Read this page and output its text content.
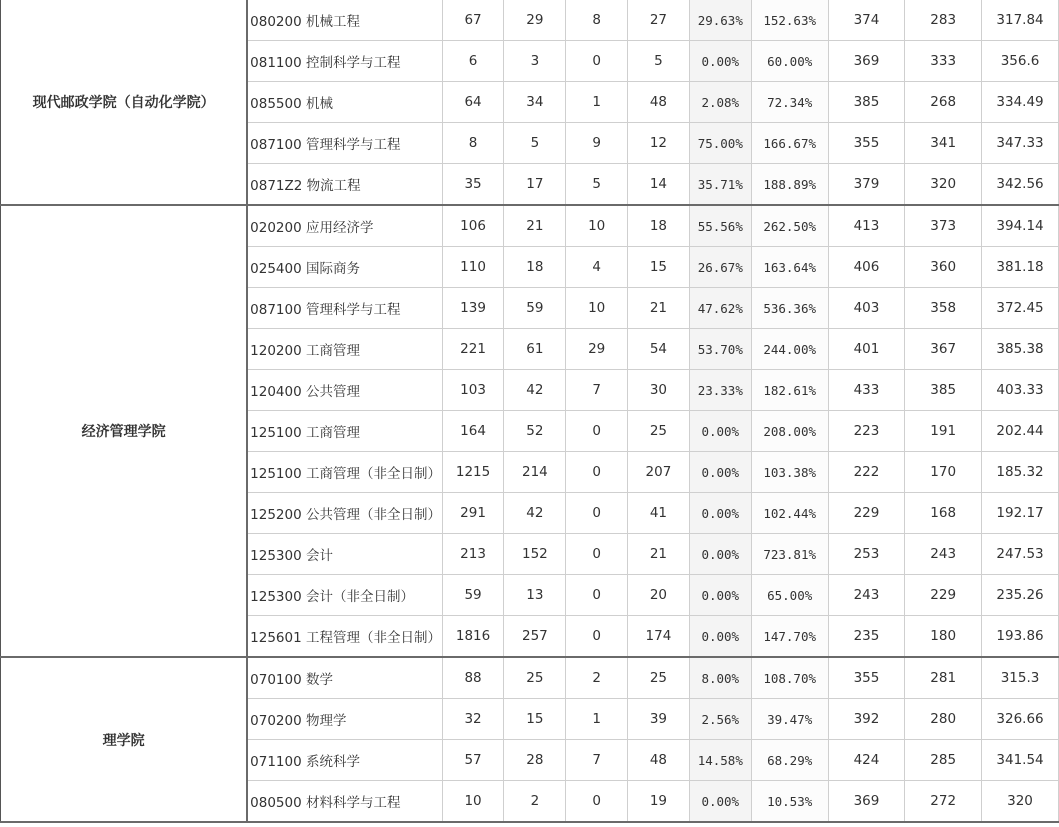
现代邮政学院（自动化学院）	080200 机械工程	67	29	8	27	29.63%	152.63%	374	283	317.84
	081100 控制科学与工程	6	3	0	5	0.00%	60.00%	369	333	356.6
	085500 机械	64	34	1	48	2.08%	72.34%	385	268	334.49
	087100 管理科学与工程	8	5	9	12	75.00%	166.67%	355	341	347.33
	0871Z2 物流工程	35	17	5	14	35.71%	188.89%	379	320	342.56
经济管理学院	020200 应用经济学	106	21	10	18	55.56%	262.50%	413	373	394.14
	025400 国际商务	110	18	4	15	26.67%	163.64%	406	360	381.18
	087100 管理科学与工程	139	59	10	21	47.62%	536.36%	403	358	372.45
	120200 工商管理	221	61	29	54	53.70%	244.00%	401	367	385.38
	120400 公共管理	103	42	7	30	23.33%	182.61%	433	385	403.33
	125100 工商管理	164	52	0	25	0.00%	208.00%	223	191	202.44
	125100 工商管理（非全日制）	1215	214	0	207	0.00%	103.38%	222	170	185.32
	125200 公共管理（非全日制）	291	42	0	41	0.00%	102.44%	229	168	192.17
	125300 会计	213	152	0	21	0.00%	723.81%	253	243	247.53
	125300 会计（非全日制）	59	13	0	20	0.00%	65.00%	243	229	235.26
	125601 工程管理（非全日制）	1816	257	0	174	0.00%	147.70%	235	180	193.86
理学院	070100 数学	88	25	2	25	8.00%	108.70%	355	281	315.3
	070200 物理学	32	15	1	39	2.56%	39.47%	392	280	326.66
	071100 系统科学	57	28	7	48	14.58%	68.29%	424	285	341.54
	080500 材料科学与工程	10	2	0	19	0.00%	10.53%	369	272	320
